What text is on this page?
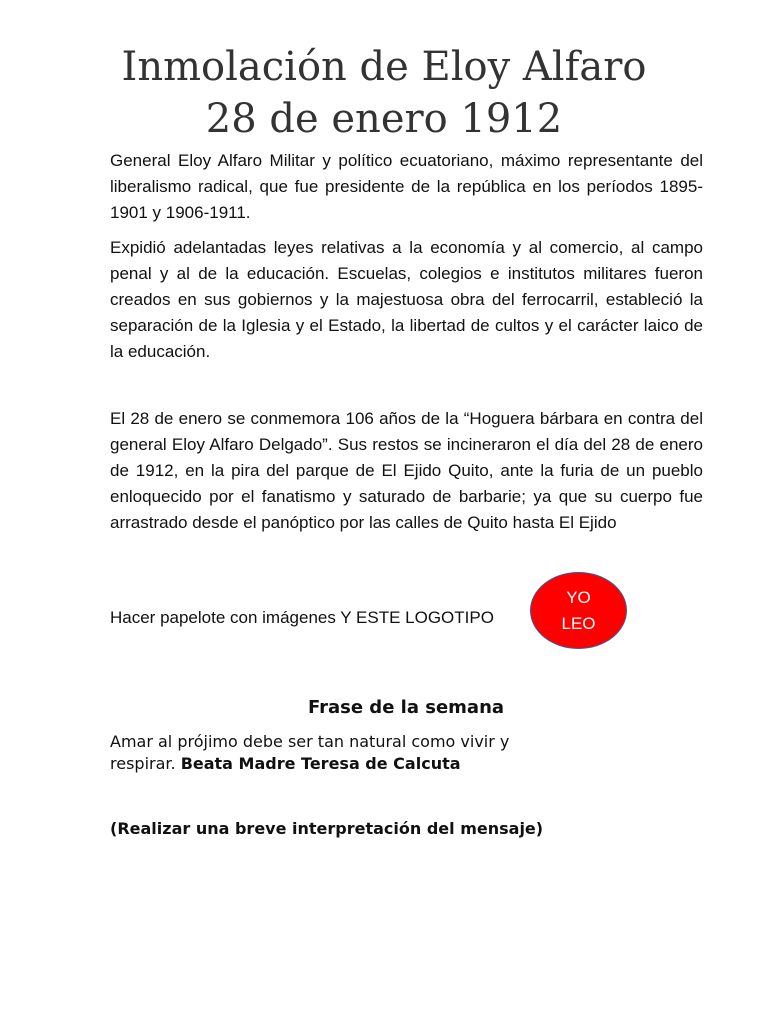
Inmolación de Eloy Alfaro
28 de enero 1912

General Eloy Alfaro Militar y político ecuatoriano, máximo representante del liberalismo radical, que fue presidente de la república en los períodos 1895-1901 y 1906-1911.

Expidió adelantadas leyes relativas a la economía y al comercio, al campo penal y al de la educación. Escuelas, colegios e institutos militares fueron creados en sus gobiernos y la majestuosa obra del ferrocarril, estableció la separación de la Iglesia y el Estado, la libertad de cultos y el carácter laico de la educación.

El 28 de enero se conmemora 106 años de la “Hoguera bárbara en contra del general Eloy Alfaro Delgado”. Sus restos se incineraron el día del 28 de enero de 1912, en la pira del parque de El Ejido Quito, ante la furia de un pueblo enloquecido por el fanatismo y saturado de barbarie; ya que su cuerpo fue arrastrado desde el panóptico por las calles de Quito hasta El Ejido

Hacer papelote con imágenes Y ESTE LOGOTIPO

YO
LEO
Frase de la semana

Amar al prójimo debe ser tan natural como vivir y respirar. Beata Madre Teresa de Calcuta

(Realizar una breve interpretación del mensaje)
